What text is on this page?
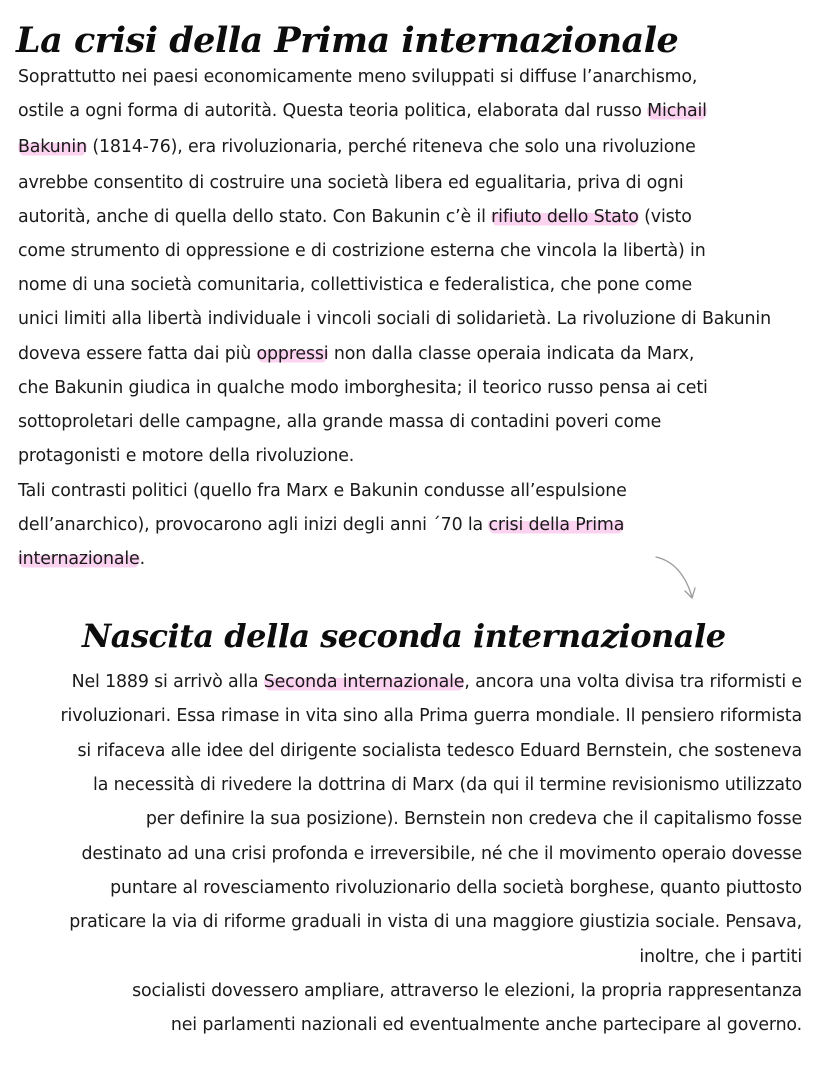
La crisi della Prima internazionale
Soprattutto nei paesi economicamente meno sviluppati si diffuse l’anarchismo,
ostile a ogni forma di autorità. Questa teoria politica, elaborata dal russo Michail
Bakunin (1814-76), era rivoluzionaria, perché riteneva che solo una rivoluzione
avrebbe consentito di costruire una società libera ed egualitaria, priva di ogni
autorità, anche di quella dello stato. Con Bakunin c’è il rifiuto dello Stato (visto
come strumento di oppressione e di costrizione esterna che vincola la libertà) in
nome di una società comunitaria, collettivistica e federalistica, che pone come
unici limiti alla libertà individuale i vincoli sociali di solidarietà. La rivoluzione di Bakunin
doveva essere fatta dai più oppressi non dalla classe operaia indicata da Marx,
che Bakunin giudica in qualche modo imborghesita; il teorico russo pensa ai ceti
sottoproletari delle campagne, alla grande massa di contadini poveri come
protagonisti e motore della rivoluzione.
Tali contrasti politici (quello fra Marx e Bakunin condusse all’espulsione
dell’anarchico), provocarono agli inizi degli anni ´70 la crisi della Prima
internazionale.
Nascita della seconda internazionale
Nel 1889 si arrivò alla Seconda internazionale, ancora una volta divisa tra riformisti e
rivoluzionari. Essa rimase in vita sino alla Prima guerra mondiale. Il pensiero riformista
si rifaceva alle idee del dirigente socialista tedesco Eduard Bernstein, che sosteneva
la necessità di rivedere la dottrina di Marx (da qui il termine revisionismo utilizzato
per definire la sua posizione). Bernstein non credeva che il capitalismo fosse
destinato ad una crisi profonda e irreversibile, né che il movimento operaio dovesse
puntare al rovesciamento rivoluzionario della società borghese, quanto piuttosto
praticare la via di riforme graduali in vista di una maggiore giustizia sociale. Pensava,
inoltre, che i partiti
socialisti dovessero ampliare, attraverso le elezioni, la propria rappresentanza
nei parlamenti nazionali ed eventualmente anche partecipare al governo.
